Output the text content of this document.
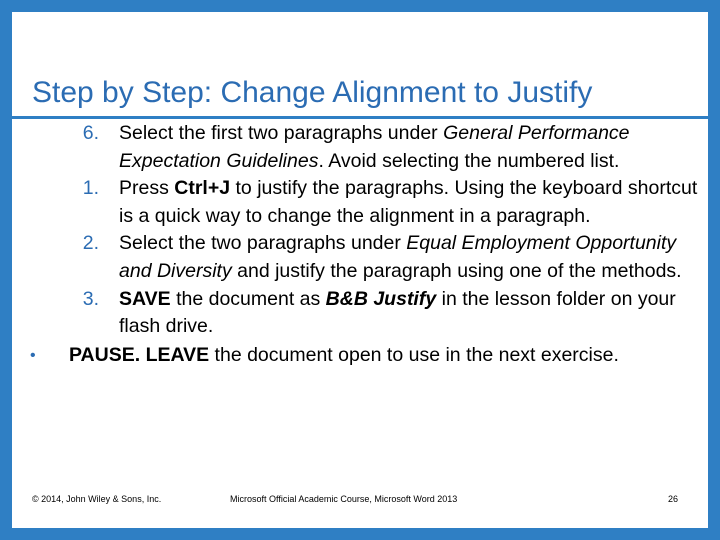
Step by Step: Change Alignment to Justify
6. Select the first two paragraphs under General Performance Expectation Guidelines. Avoid selecting the numbered list.
1. Press Ctrl+J to justify the paragraphs. Using the keyboard shortcut is a quick way to change the alignment in a paragraph.
2. Select the two paragraphs under Equal Employment Opportunity and Diversity and justify the paragraph using one of the methods.
3. SAVE the document as B&B Justify in the lesson folder on your flash drive.
• PAUSE. LEAVE the document open to use in the next exercise.
© 2014, John Wiley & Sons, Inc.	Microsoft Official Academic Course, Microsoft Word 2013	26
